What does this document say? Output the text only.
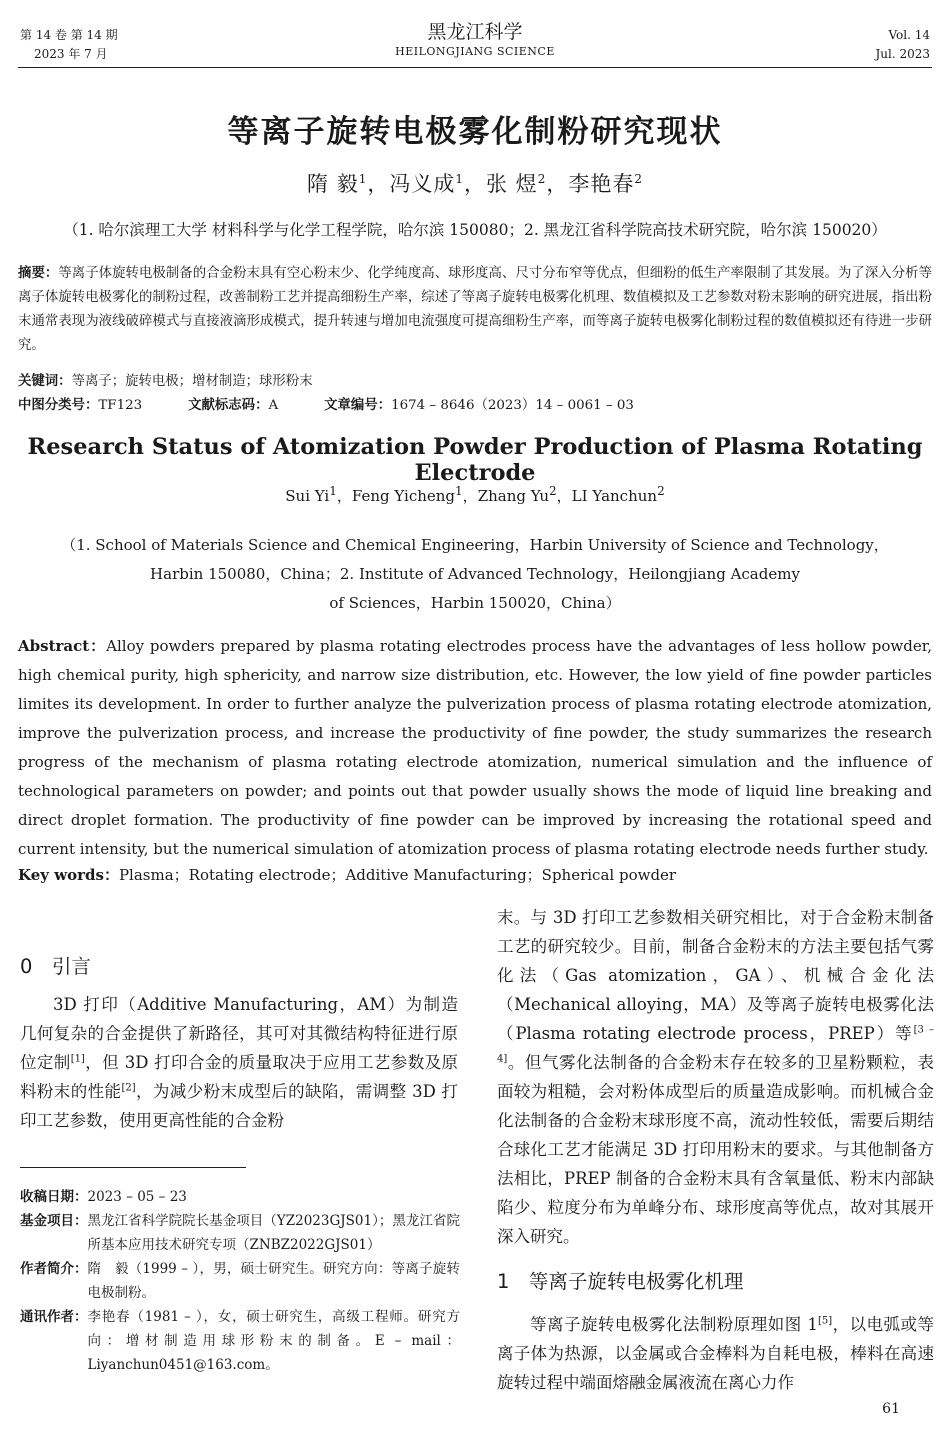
第 14 卷 第 14 期
2023 年 7 月
黑龙江科学
HEILONGJIANG SCIENCE
Vol. 14
Jul. 2023
等离子旋转电极雾化制粉研究现状
隋 毅$^1$，冯义成$^1$，张 煜$^2$，李艳春$^2$
（1. 哈尔滨理工大学 材料科学与化学工程学院，哈尔滨 150080；2. 黑龙江省科学院高技术研究院，哈尔滨 150020）
摘要：等离子体旋转电极制备的合金粉末具有空心粉末少、化学纯度高、球形度高、尺寸分布窄等优点，但细粉的低生产率限制了其发展。为了深入分析等离子体旋转电极雾化的制粉过程，改善制粉工艺并提高细粉生产率，综述了等离子旋转电极雾化机理、数值模拟及工艺参数对粉末影响的研究进展，指出粉末通常表现为液线破碎模式与直接液滴形成模式，提升转速与增加电流强度可提高细粉生产率，而等离子旋转电极雾化制粉过程的数值模拟还有待进一步研究。
关键词：等离子；旋转电极；增材制造；球形粉末
中图分类号：TF123	文献标志码：A	文章编号：1674 – 8646（2023）14 – 0061 – 03
Research Status of Atomization Powder Production of Plasma Rotating Electrode
Sui Yi$^1$，Feng Yicheng$^1$，Zhang Yu$^2$，LI Yanchun$^2$
（1. School of Materials Science and Chemical Engineering，Harbin University of Science and Technology，
Harbin 150080，China；2. Institute of Advanced Technology，Heilongjiang Academy
of Sciences，Harbin 150020，China）
Abstract：Alloy powders prepared by plasma rotating electrodes process have the advantages of less hollow powder, high chemical purity, high sphericity, and narrow size distribution, etc. However, the low yield of fine powder particles limites its development. In order to further analyze the pulverization process of plasma rotating electrode atomization, improve the pulverization process, and increase the productivity of fine powder, the study summarizes the research progress of the mechanism of plasma rotating electrode atomization, numerical simulation and the influence of technological parameters on powder; and points out that powder usually shows the mode of liquid line breaking and direct droplet formation. The productivity of fine powder can be improved by increasing the rotational speed and current intensity, but the numerical simulation of atomization process of plasma rotating electrode needs further study.
Key words：Plasma；Rotating electrode；Additive Manufacturing；Spherical powder
0　引言
3D 打印（Additive Manufacturing，AM）为制造几何复杂的合金提供了新路径，其可对其微结构特征进行原位定制[1]，但 3D 打印合金的质量取决于应用工艺参数及原料粉末的性能[2]，为减少粉末成型后的缺陷，需调整 3D 打印工艺参数，使用更高性能的合金粉
收稿日期： 2023 – 05 – 23
基金项目： 黑龙江省科学院院长基金项目（YZ2023GJS01）；黑龙江省院所基本应用技术研究专项（ZNBZ2022GJS01）
作者简介： 隋　毅（1999 – ），男，硕士研究生。研究方向：等离子旋转电极制粉。
通讯作者： 李艳春（1981 – ），女，硕士研究生，高级工程师。研究方向：增材制造用球形粉末的制备。E – mail：Liyanchun0451@163.com。
末。与 3D 打印工艺参数相关研究相比，对于合金粉末制备工艺的研究较少。目前，制备合金粉末的方法主要包括气雾化法（Gas atomization，GA）、机械合金化法（Mechanical alloying，MA）及等离子旋转电极雾化法（Plasma rotating electrode process，PREP）等[3 – 4]。但气雾化法制备的合金粉末存在较多的卫星粉颗粒，表面较为粗糙，会对粉体成型后的质量造成影响。而机械合金化法制备的合金粉末球形度不高，流动性较低，需要后期结合球化工艺才能满足 3D 打印用粉末的要求。与其他制备方法相比，PREP 制备的合金粉末具有含氧量低、粉末内部缺陷少、粒度分布为单峰分布、球形度高等优点，故对其展开深入研究。
1　等离子旋转电极雾化机理
等离子旋转电极雾化法制粉原理如图 1[5]，以电弧或等离子体为热源，以金属或合金棒料为自耗电极，棒料在高速旋转过程中端面熔融金属液流在离心力作
61
